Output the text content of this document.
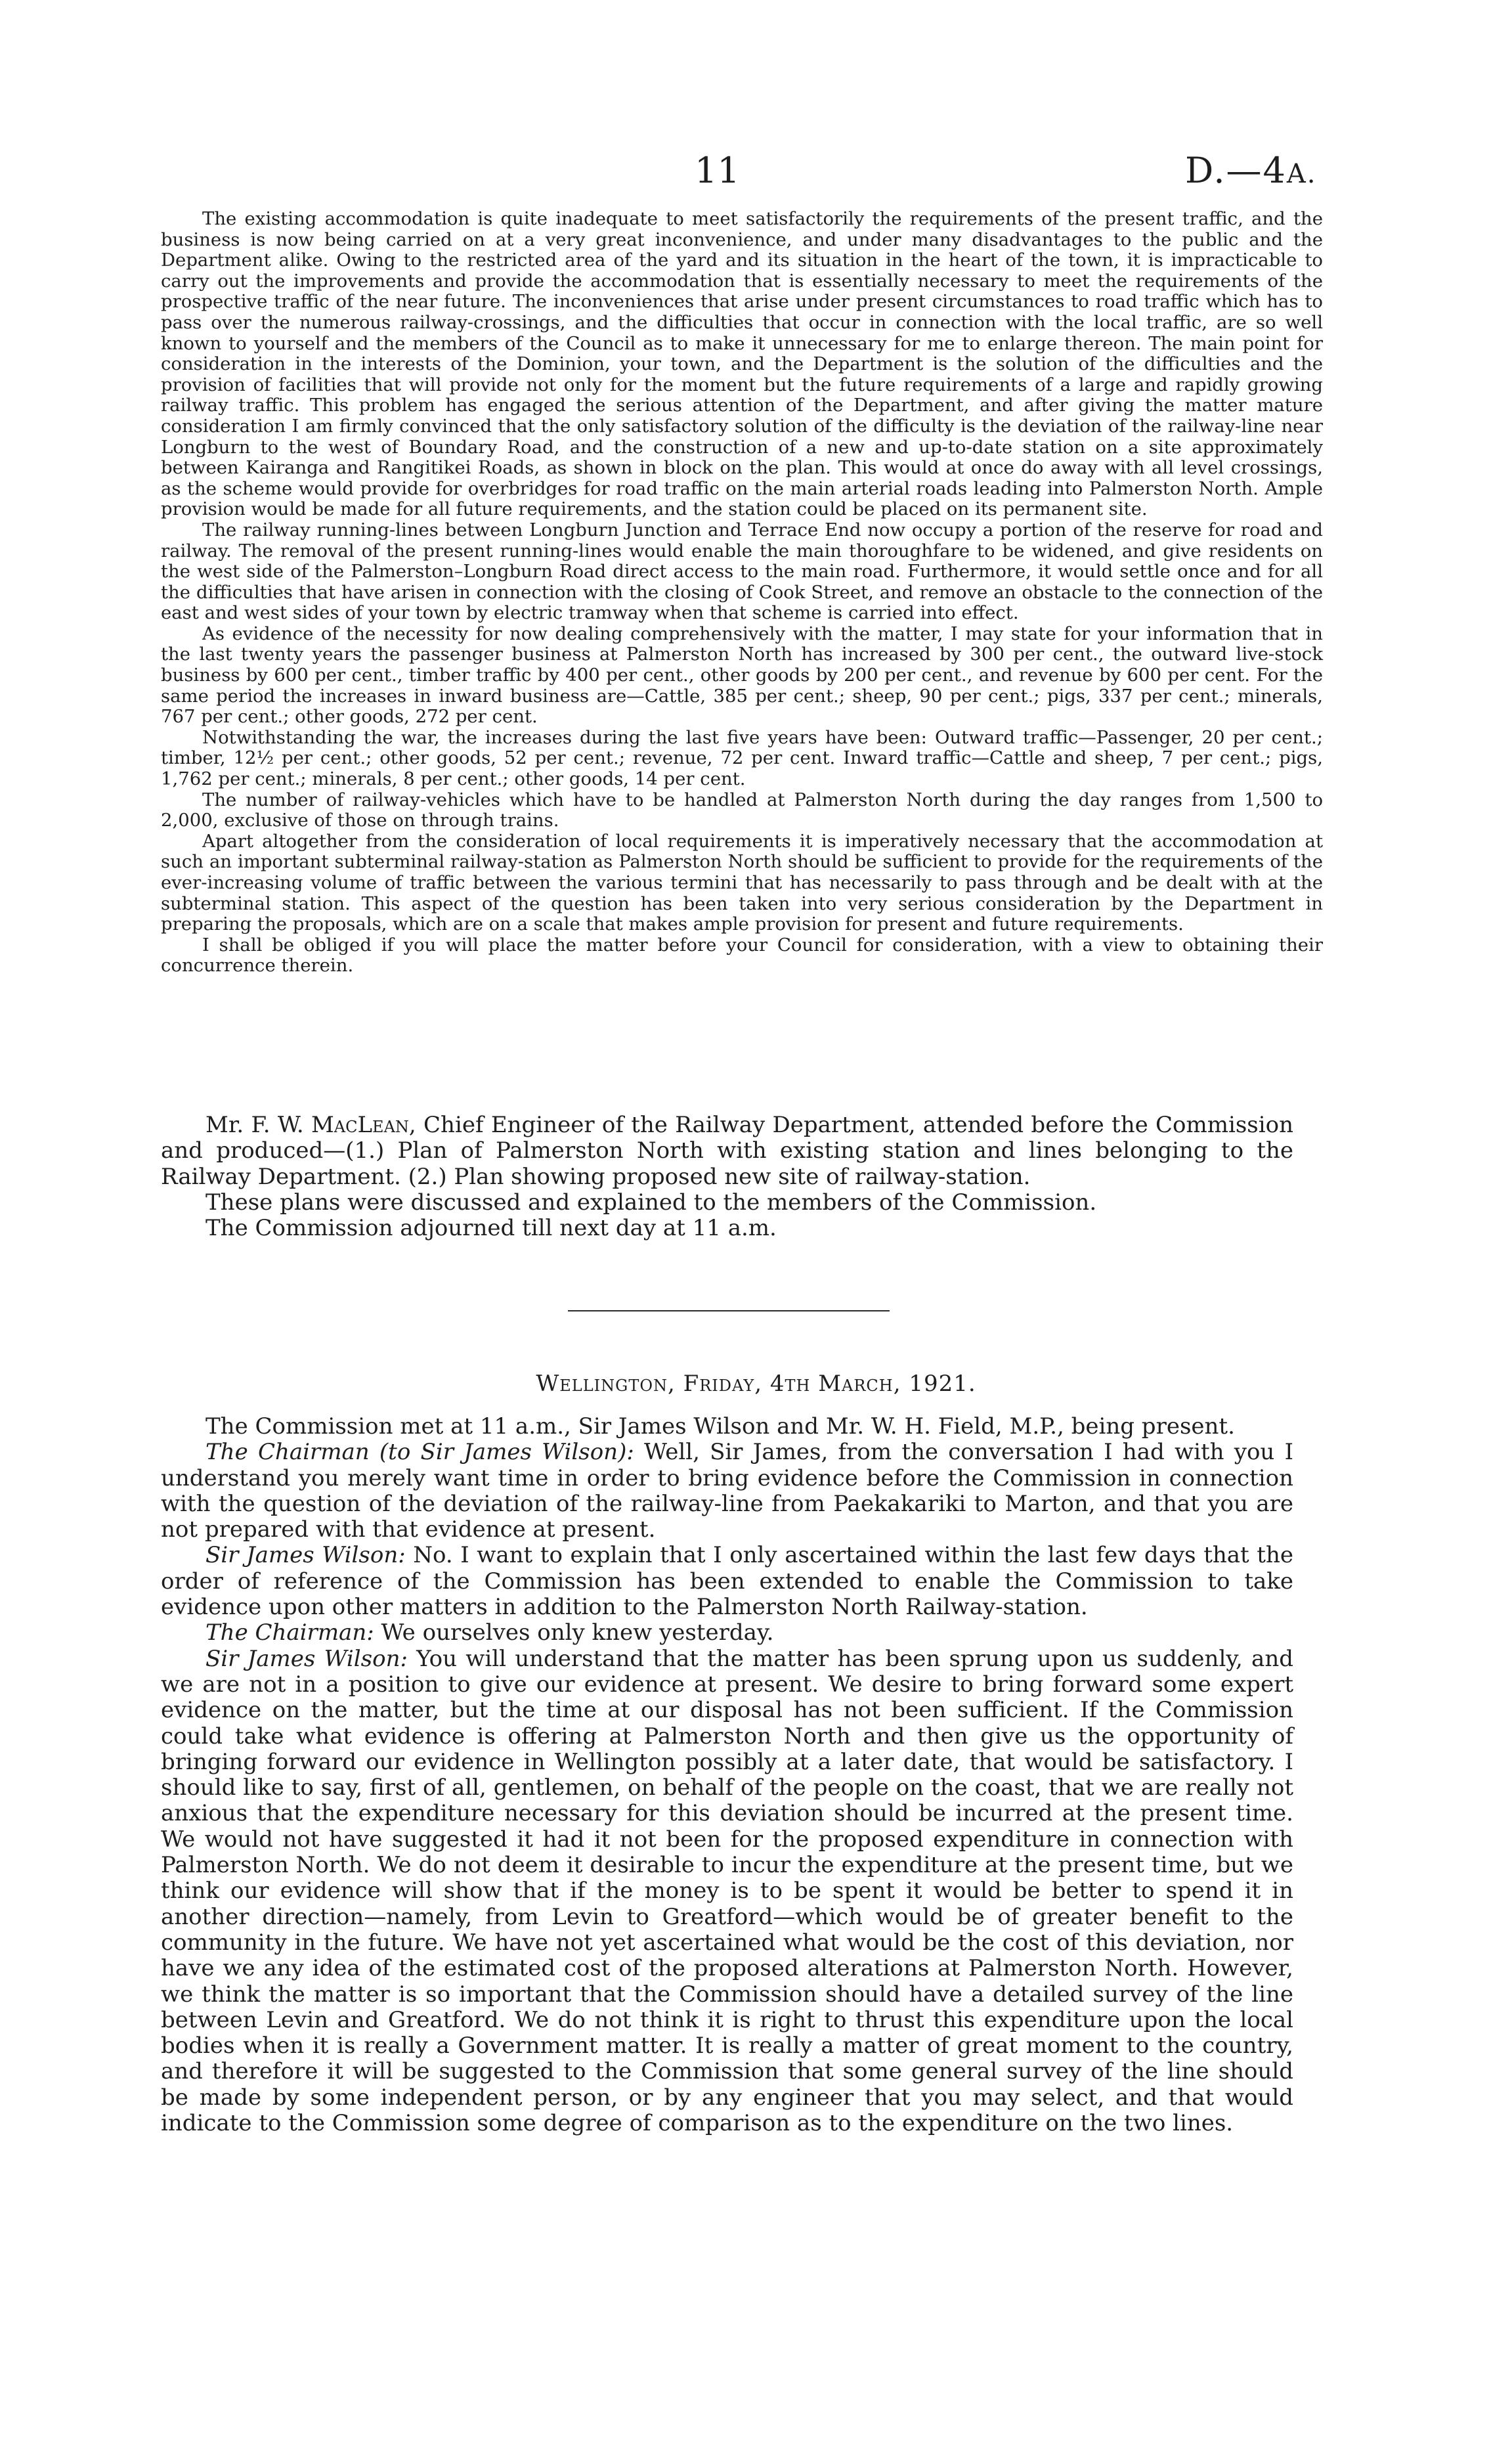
11	D.—4A.

The existing accommodation is quite inadequate to meet satisfactorily the requirements of the present traffic, and the business is now being carried on at a very great inconvenience, and under many disadvantages to the public and the Department alike. Owing to the restricted area of the yard and its situation in the heart of the town, it is impracticable to carry out the improvements and provide the accommodation that is essentially necessary to meet the requirements of the prospective traffic of the near future. The inconveniences that arise under present circumstances to road traffic which has to pass over the numerous railway-crossings, and the difficulties that occur in connection with the local traffic, are so well known to yourself and the members of the Council as to make it unnecessary for me to enlarge thereon. The main point for consideration in the interests of the Dominion, your town, and the Department is the solution of the difficulties and the provision of facilities that will provide not only for the moment but the future requirements of a large and rapidly growing railway traffic. This problem has engaged the serious attention of the Department, and after giving the matter mature consideration I am firmly convinced that the only satisfactory solution of the difficulty is the deviation of the railway-line near Longburn to the west of Boundary Road, and the construction of a new and up-to-date station on a site approximately between Kairanga and Rangitikei Roads, as shown in block on the plan. This would at once do away with all level crossings, as the scheme would provide for overbridges for road traffic on the main arterial roads leading into Palmerston North. Ample provision would be made for all future requirements, and the station could be placed on its permanent site.

The railway running-lines between Longburn Junction and Terrace End now occupy a portion of the reserve for road and railway. The removal of the present running-lines would enable the main thoroughfare to be widened, and give residents on the west side of the Palmerston–Longburn Road direct access to the main road. Furthermore, it would settle once and for all the difficulties that have arisen in connection with the closing of Cook Street, and remove an obstacle to the connection of the east and west sides of your town by electric tramway when that scheme is carried into effect.

As evidence of the necessity for now dealing comprehensively with the matter, I may state for your information that in the last twenty years the passenger business at Palmerston North has increased by 300 per cent., the outward live-stock business by 600 per cent., timber traffic by 400 per cent., other goods by 200 per cent., and revenue by 600 per cent. For the same period the increases in inward business are—Cattle, 385 per cent.; sheep, 90 per cent.; pigs, 337 per cent.; minerals, 767 per cent.; other goods, 272 per cent.

Notwithstanding the war, the increases during the last five years have been: Outward traffic—Passenger, 20 per cent.; timber, 12½ per cent.; other goods, 52 per cent.; revenue, 72 per cent. Inward traffic—Cattle and sheep, 7 per cent.; pigs, 1,762 per cent.; minerals, 8 per cent.; other goods, 14 per cent.

The number of railway-vehicles which have to be handled at Palmerston North during the day ranges from 1,500 to 2,000, exclusive of those on through trains.

Apart altogether from the consideration of local requirements it is imperatively necessary that the accommodation at such an important subterminal railway-station as Palmerston North should be sufficient to provide for the requirements of the ever-increasing volume of traffic between the various termini that has necessarily to pass through and be dealt with at the subterminal station. This aspect of the question has been taken into very serious consideration by the Department in preparing the proposals, which are on a scale that makes ample provision for present and future requirements.

I shall be obliged if you will place the matter before your Council for consideration, with a view to obtaining their concurrence therein.

Mr. F. W. MacLean, Chief Engineer of the Railway Department, attended before the Commission and produced—(1.) Plan of Palmerston North with existing station and lines belonging to the Railway Department. (2.) Plan showing proposed new site of railway-station.

These plans were discussed and explained to the members of the Commission.

The Commission adjourned till next day at 11 a.m.

Wellington, Friday, 4th March, 1921.

The Commission met at 11 a.m., Sir James Wilson and Mr. W. H. Field, M.P., being present.

The Chairman (to Sir James Wilson): Well, Sir James, from the conversation I had with you I understand you merely want time in order to bring evidence before the Commission in connection with the question of the deviation of the railway-line from Paekakariki to Marton, and that you are not prepared with that evidence at present.

Sir James Wilson: No. I want to explain that I only ascertained within the last few days that the order of reference of the Commission has been extended to enable the Commission to take evidence upon other matters in addition to the Palmerston North Railway-station.

The Chairman: We ourselves only knew yesterday.

Sir James Wilson: You will understand that the matter has been sprung upon us suddenly, and we are not in a position to give our evidence at present. We desire to bring forward some expert evidence on the matter, but the time at our disposal has not been sufficient. If the Commission could take what evidence is offering at Palmerston North and then give us the opportunity of bringing forward our evidence in Wellington possibly at a later date, that would be satisfactory. I should like to say, first of all, gentlemen, on behalf of the people on the coast, that we are really not anxious that the expenditure necessary for this deviation should be incurred at the present time. We would not have suggested it had it not been for the proposed expenditure in connection with Palmerston North. We do not deem it desirable to incur the expenditure at the present time, but we think our evidence will show that if the money is to be spent it would be better to spend it in another direction—namely, from Levin to Greatford—which would be of greater benefit to the community in the future. We have not yet ascertained what would be the cost of this deviation, nor have we any idea of the estimated cost of the proposed alterations at Palmerston North. However, we think the matter is so important that the Commission should have a detailed survey of the line between Levin and Greatford. We do not think it is right to thrust this expenditure upon the local bodies when it is really a Government matter. It is really a matter of great moment to the country, and therefore it will be suggested to the Commission that some general survey of the line should be made by some independent person, or by any engineer that you may select, and that would indicate to the Commission some degree of comparison as to the expenditure on the two lines.
